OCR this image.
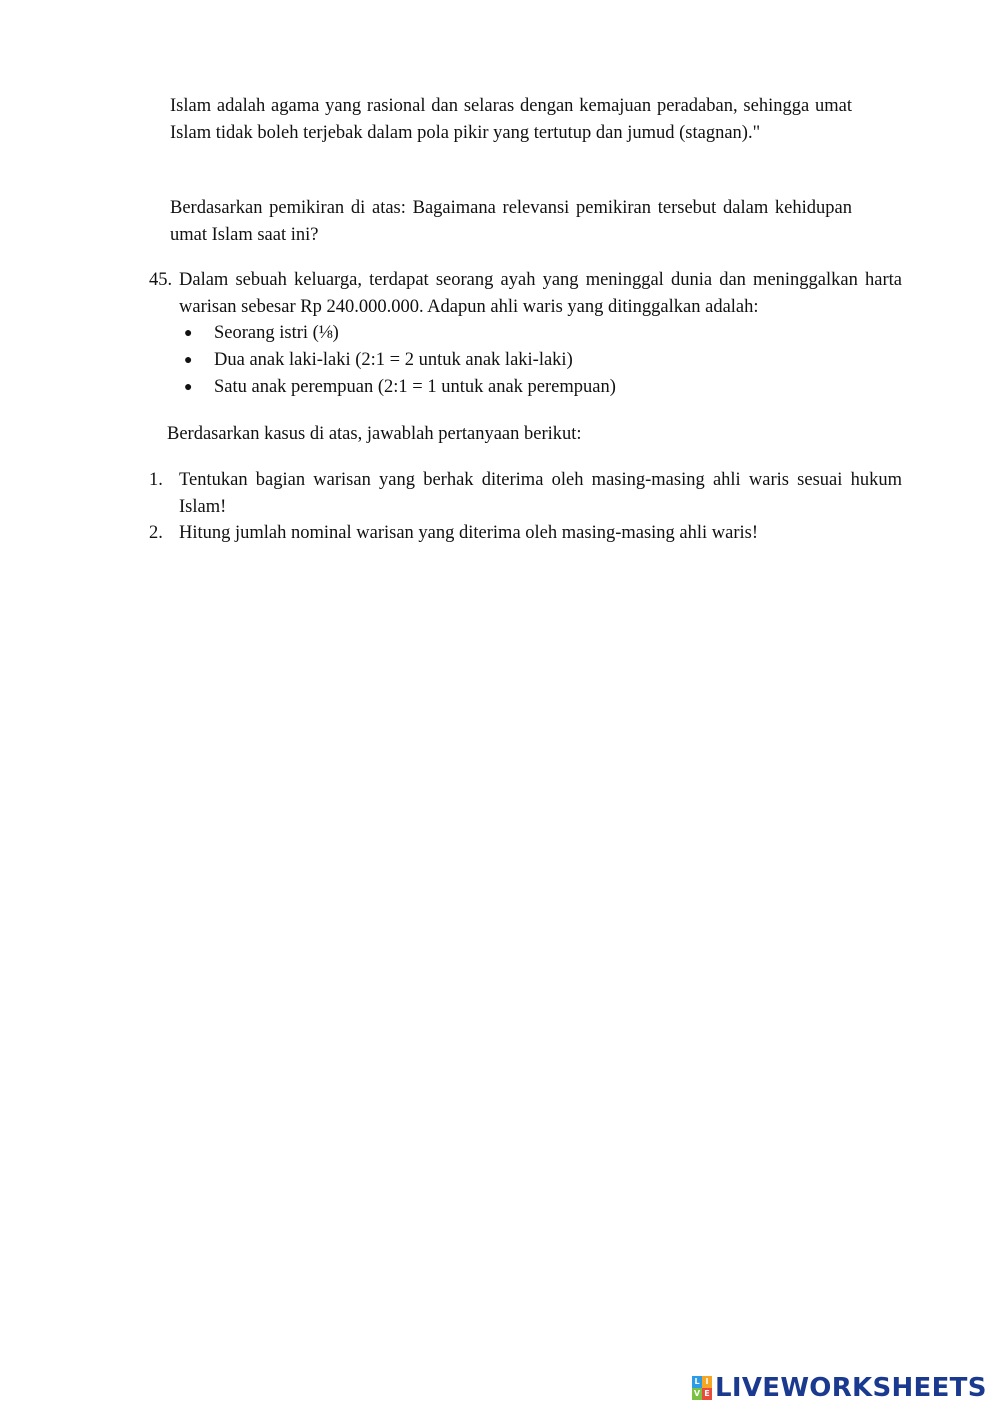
Islam adalah agama yang rasional dan selaras dengan kemajuan peradaban, sehingga umat Islam tidak boleh terjebak dalam pola pikir yang tertutup dan jumud (stagnan)."

Berdasarkan pemikiran di atas: Bagaimana relevansi pemikiran tersebut dalam kehidupan umat Islam saat ini?

45. Dalam sebuah keluarga, terdapat seorang ayah yang meninggal dunia dan meninggalkan harta warisan sebesar Rp 240.000.000. Adapun ahli waris yang ditinggalkan adalah:
● Seorang istri (⅛)
● Dua anak laki-laki (2:1 = 2 untuk anak laki-laki)
● Satu anak perempuan (2:1 = 1 untuk anak perempuan)
Berdasarkan kasus di atas, jawablah pertanyaan berikut:
1. Tentukan bagian warisan yang berhak diterima oleh masing-masing ahli waris sesuai hukum Islam!
2. Hitung jumlah nominal warisan yang diterima oleh masing-masing ahli waris!
L I
V E LIVEWORKSHEETS
